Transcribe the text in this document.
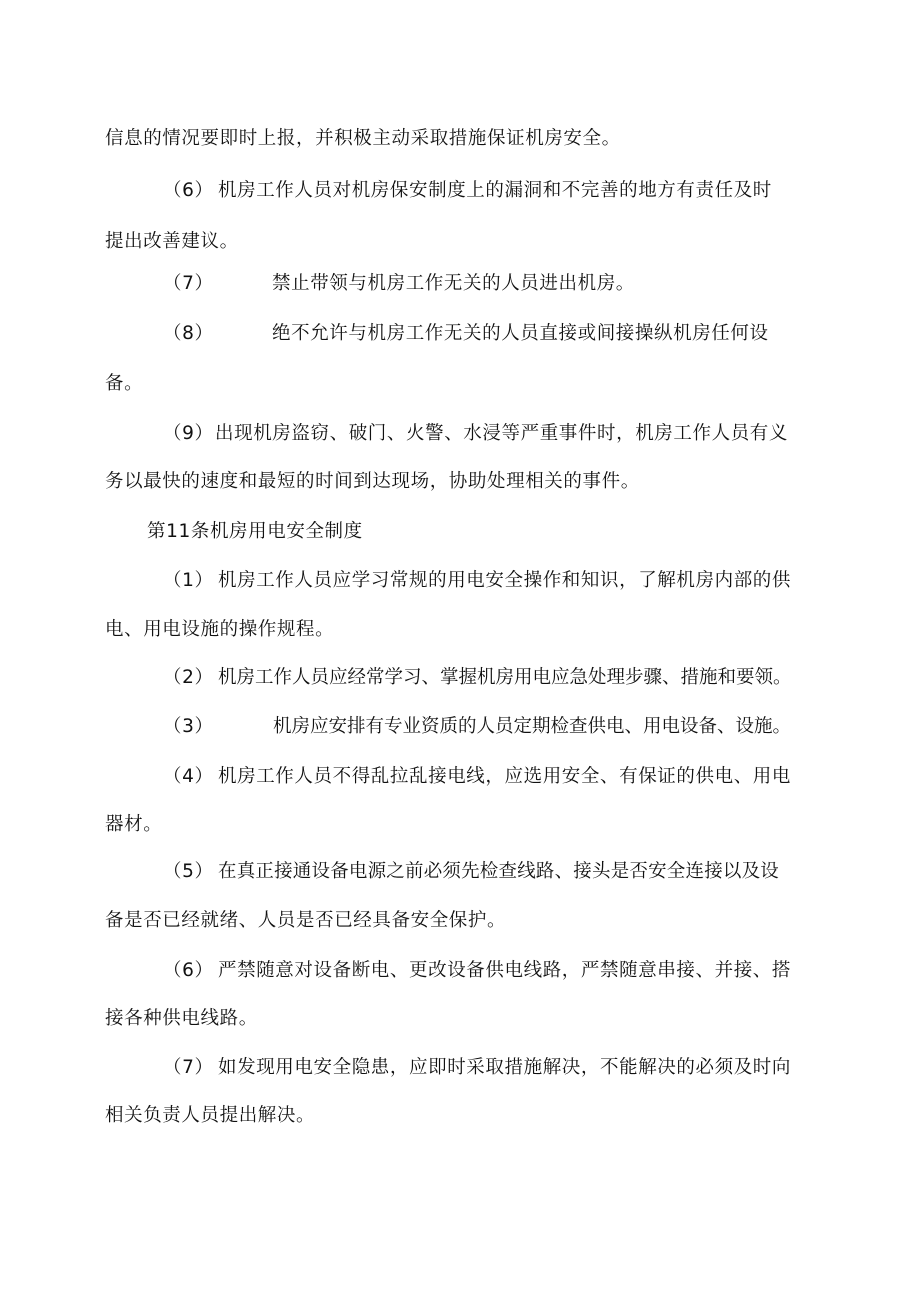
信息的情况要即时上报，并积极主动采取措施保证机房安全。
（6） 机房工作人员对机房保安制度上的漏洞和不完善的地方有责任及时
提出改善建议。
（7）	禁止带领与机房工作无关的人员进出机房。
（8）	绝不允许与机房工作无关的人员直接或间接操纵机房任何设
备。
（9）出现机房盗窃、破门、火警、水浸等严重事件时，机房工作人员有义
务以最快的速度和最短的时间到达现场，协助处理相关的事件。
第11条机房用电安全制度
（1） 机房工作人员应学习常规的用电安全操作和知识，了解机房内部的供
电、用电设施的操作规程。
（2） 机房工作人员应经常学习、掌握机房用电应急处理步骤、措施和要领。
（3）	机房应安排有专业资质的人员定期检查供电、用电设备、设施。
（4） 机房工作人员不得乱拉乱接电线，应选用安全、有保证的供电、用电
器材。
（5） 在真正接通设备电源之前必须先检查线路、接头是否安全连接以及设
备是否已经就绪、人员是否已经具备安全保护。
（6） 严禁随意对设备断电、更改设备供电线路，严禁随意串接、并接、搭
接各种供电线路。
（7） 如发现用电安全隐患，应即时采取措施解决，不能解决的必须及时向
相关负责人员提出解决。
